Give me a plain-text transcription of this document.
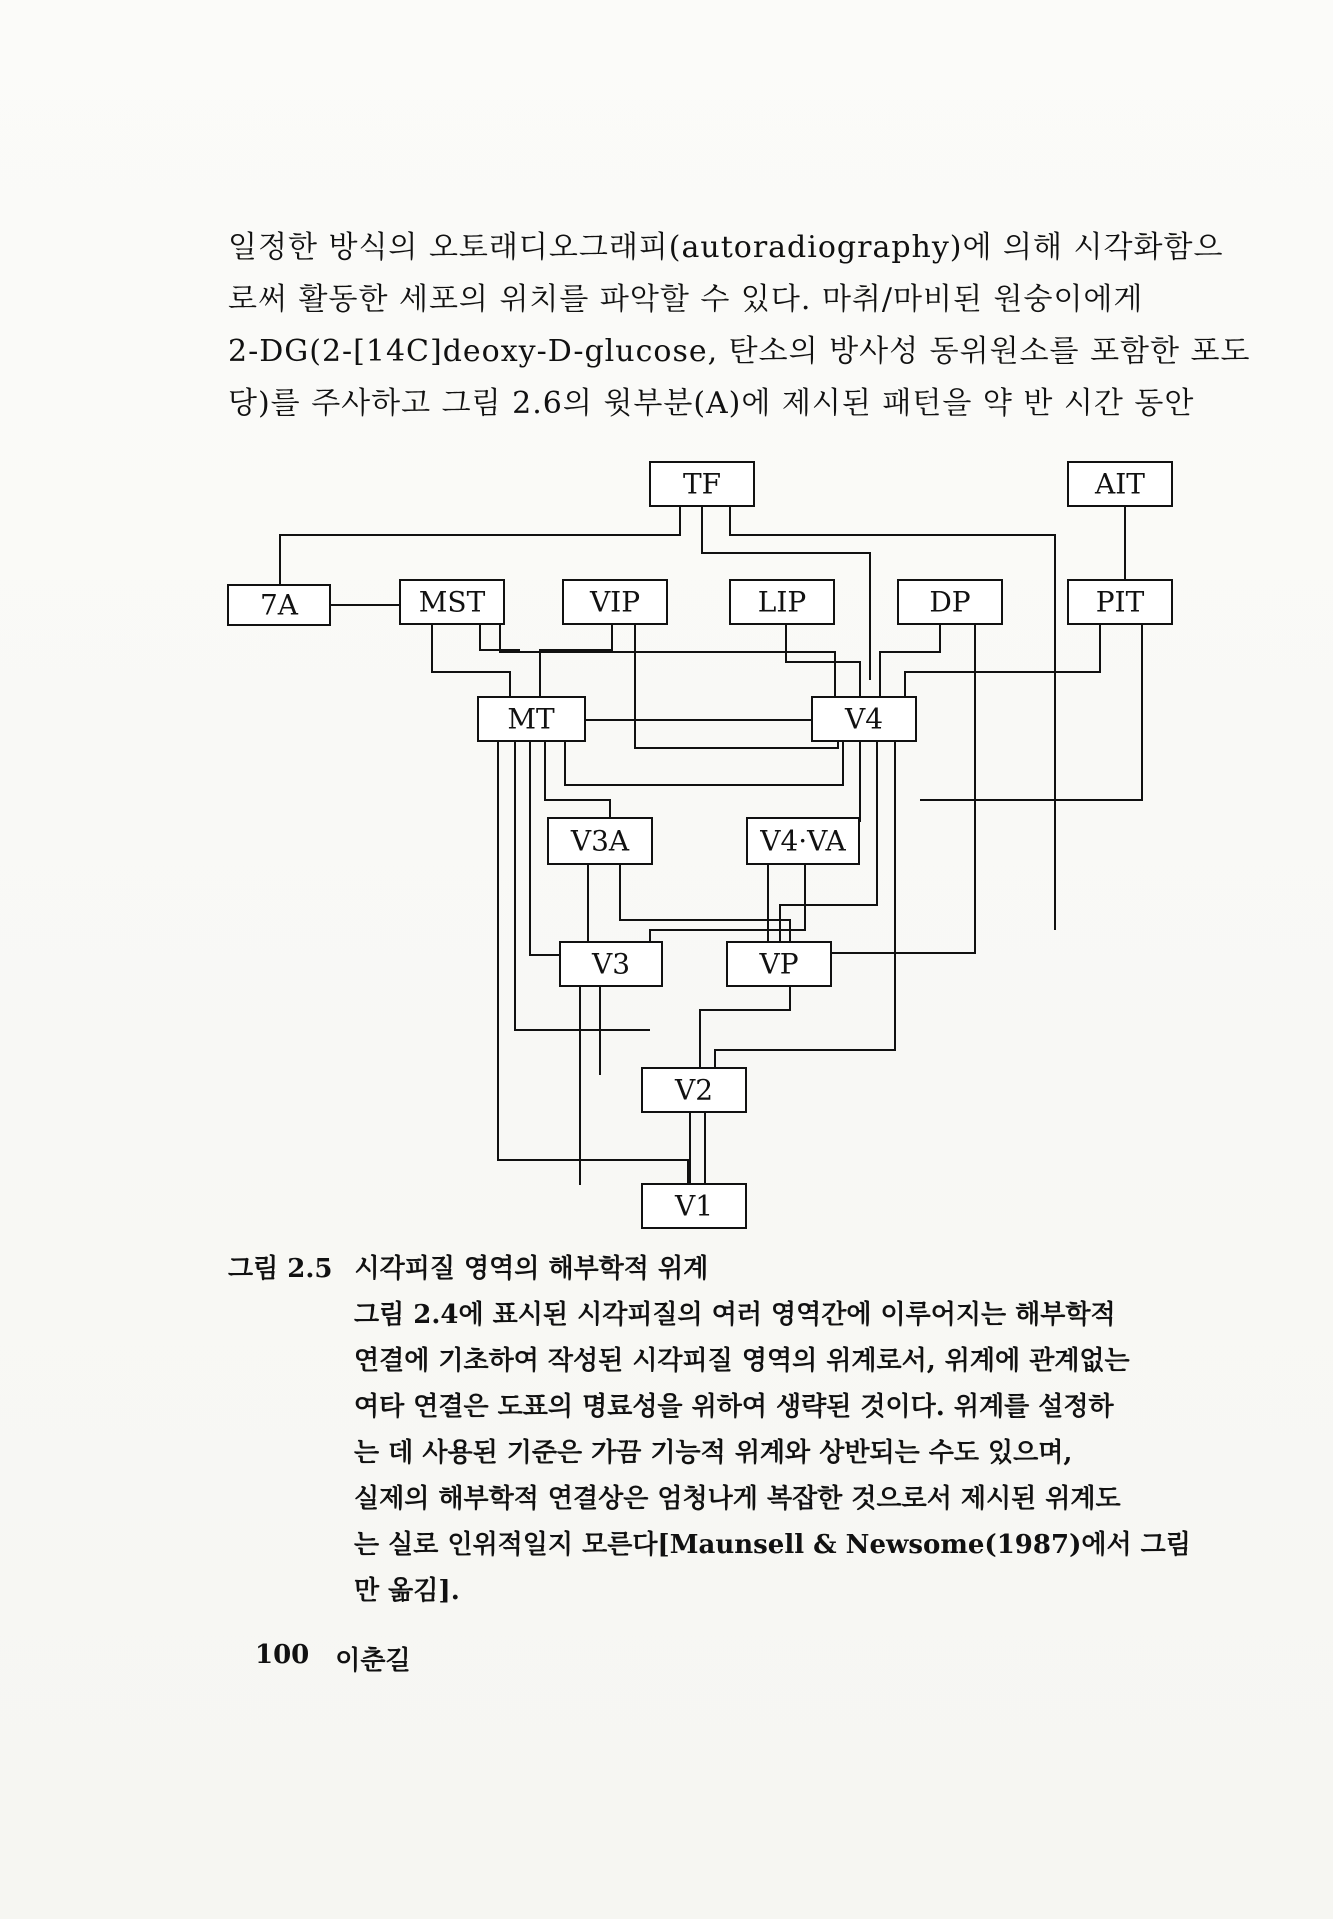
일정한 방식의 오토래디오그래피(autoradiography)에 의해 시각화함으
로써 활동한 세포의 위치를 파악할 수 있다. 마취/마비된 원숭이에게
2-DG(2-[14C]deoxy-D-glucose, 탄소의 방사성 동위원소를 포함한 포도
당)를 주사하고 그림 2.6의 윗부분(A)에 제시된 패턴을 약 반 시간 동안
TF	AIT
7A	MST	VIP	LIP	DP	PIT
MT	V4
V3A	V4·VA
V3	VP
V2
V1
그림 2.5 시각피질 영역의 해부학적 위계
그림 2.4에 표시된 시각피질의 여러 영역간에 이루어지는 해부학적
연결에 기초하여 작성된 시각피질 영역의 위계로서, 위계에 관계없는
여타 연결은 도표의 명료성을 위하여 생략된 것이다. 위계를 설정하
는 데 사용된 기준은 가끔 기능적 위계와 상반되는 수도 있으며,
실제의 해부학적 연결상은 엄청나게 복잡한 것으로서 제시된 위계도
는 실로 인위적일지 모른다[Maunsell & Newsome(1987)에서 그림
만 옮김].
100 이춘길
